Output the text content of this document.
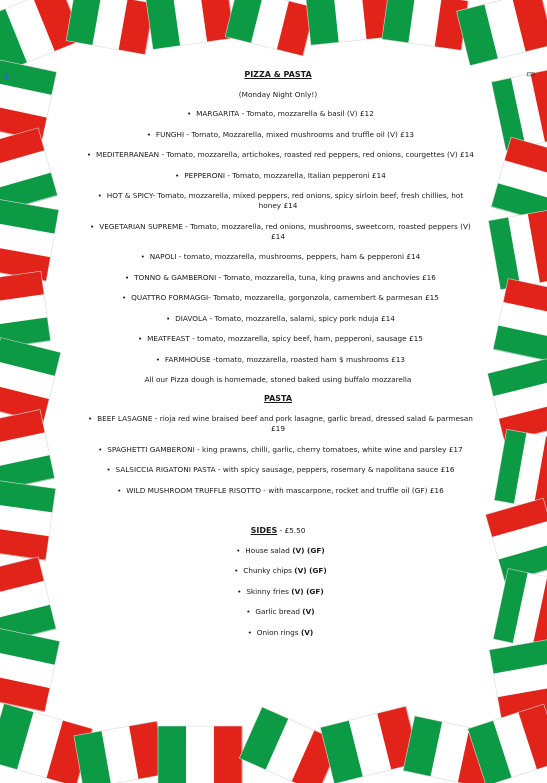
⚓	▭
PIZZA & PASTA
(Monday Night Only!)
• MARGARITA - Tomato, mozzarella & basil (V) £12
• FUNGHI - Tomato, Mozzarella, mixed mushrooms and truffle oil (V) £13
• MEDITERRANEAN - Tomato, mozzarella, artichokes, roasted red peppers, red onions, courgettes (V) £14
• PEPPERONI - Tomato, mozzarella, Italian pepperoni £14
• HOT & SPICY- Tomato, mozzarella, mixed peppers, red onions, spicy sirloin beef, fresh chillies, hot honey £14
• VEGETARIAN SUPREME - Tomato, mozzarella, red onions, mushrooms, sweetcorn, roasted peppers (V) £14
• NAPOLI - tomato, mozzarella, mushrooms, peppers, ham & pepperoni £14
• TONNO & GAMBERONI - Tomato, mozzarella, tuna, king prawns and anchovies £16
• QUATTRO FORMAGGI- Tomato, mozzarella, gorgonzola, camembert & parmesan £15
• DIAVOLA - Tomato, mozzarella, salami, spicy pork nduja £14
• MEATFEAST - tomato, mozzarella, spicy beef, ham, pepperoni, sausage £15
• FARMHOUSE -tomato, mozzarella, roasted ham $ mushrooms £13
All our Pizza dough is homemade, stoned baked using buffalo mozzarella
PASTA
• BEEF LASAGNE - rioja red wine braised beef and pork lasagne, garlic bread, dressed salad & parmesan £19
• SPAGHETTI GAMBERONI - king prawns, chilli, garlic, cherry tomatoes, white wine and parsley £17
• SALSICCIA RIGATONI PASTA - with spicy sausage, peppers, rosemary & napolitana sauce £16
• WILD MUSHROOM TRUFFLE RISOTTO - with mascarpone, rocket and truffle oil (GF) £16
SIDES - £5.50
• House salad (V) (GF)
• Chunky chips (V) (GF)
• Skinny fries (V) (GF)
• Garlic bread (V)
• Onion rings (V)
